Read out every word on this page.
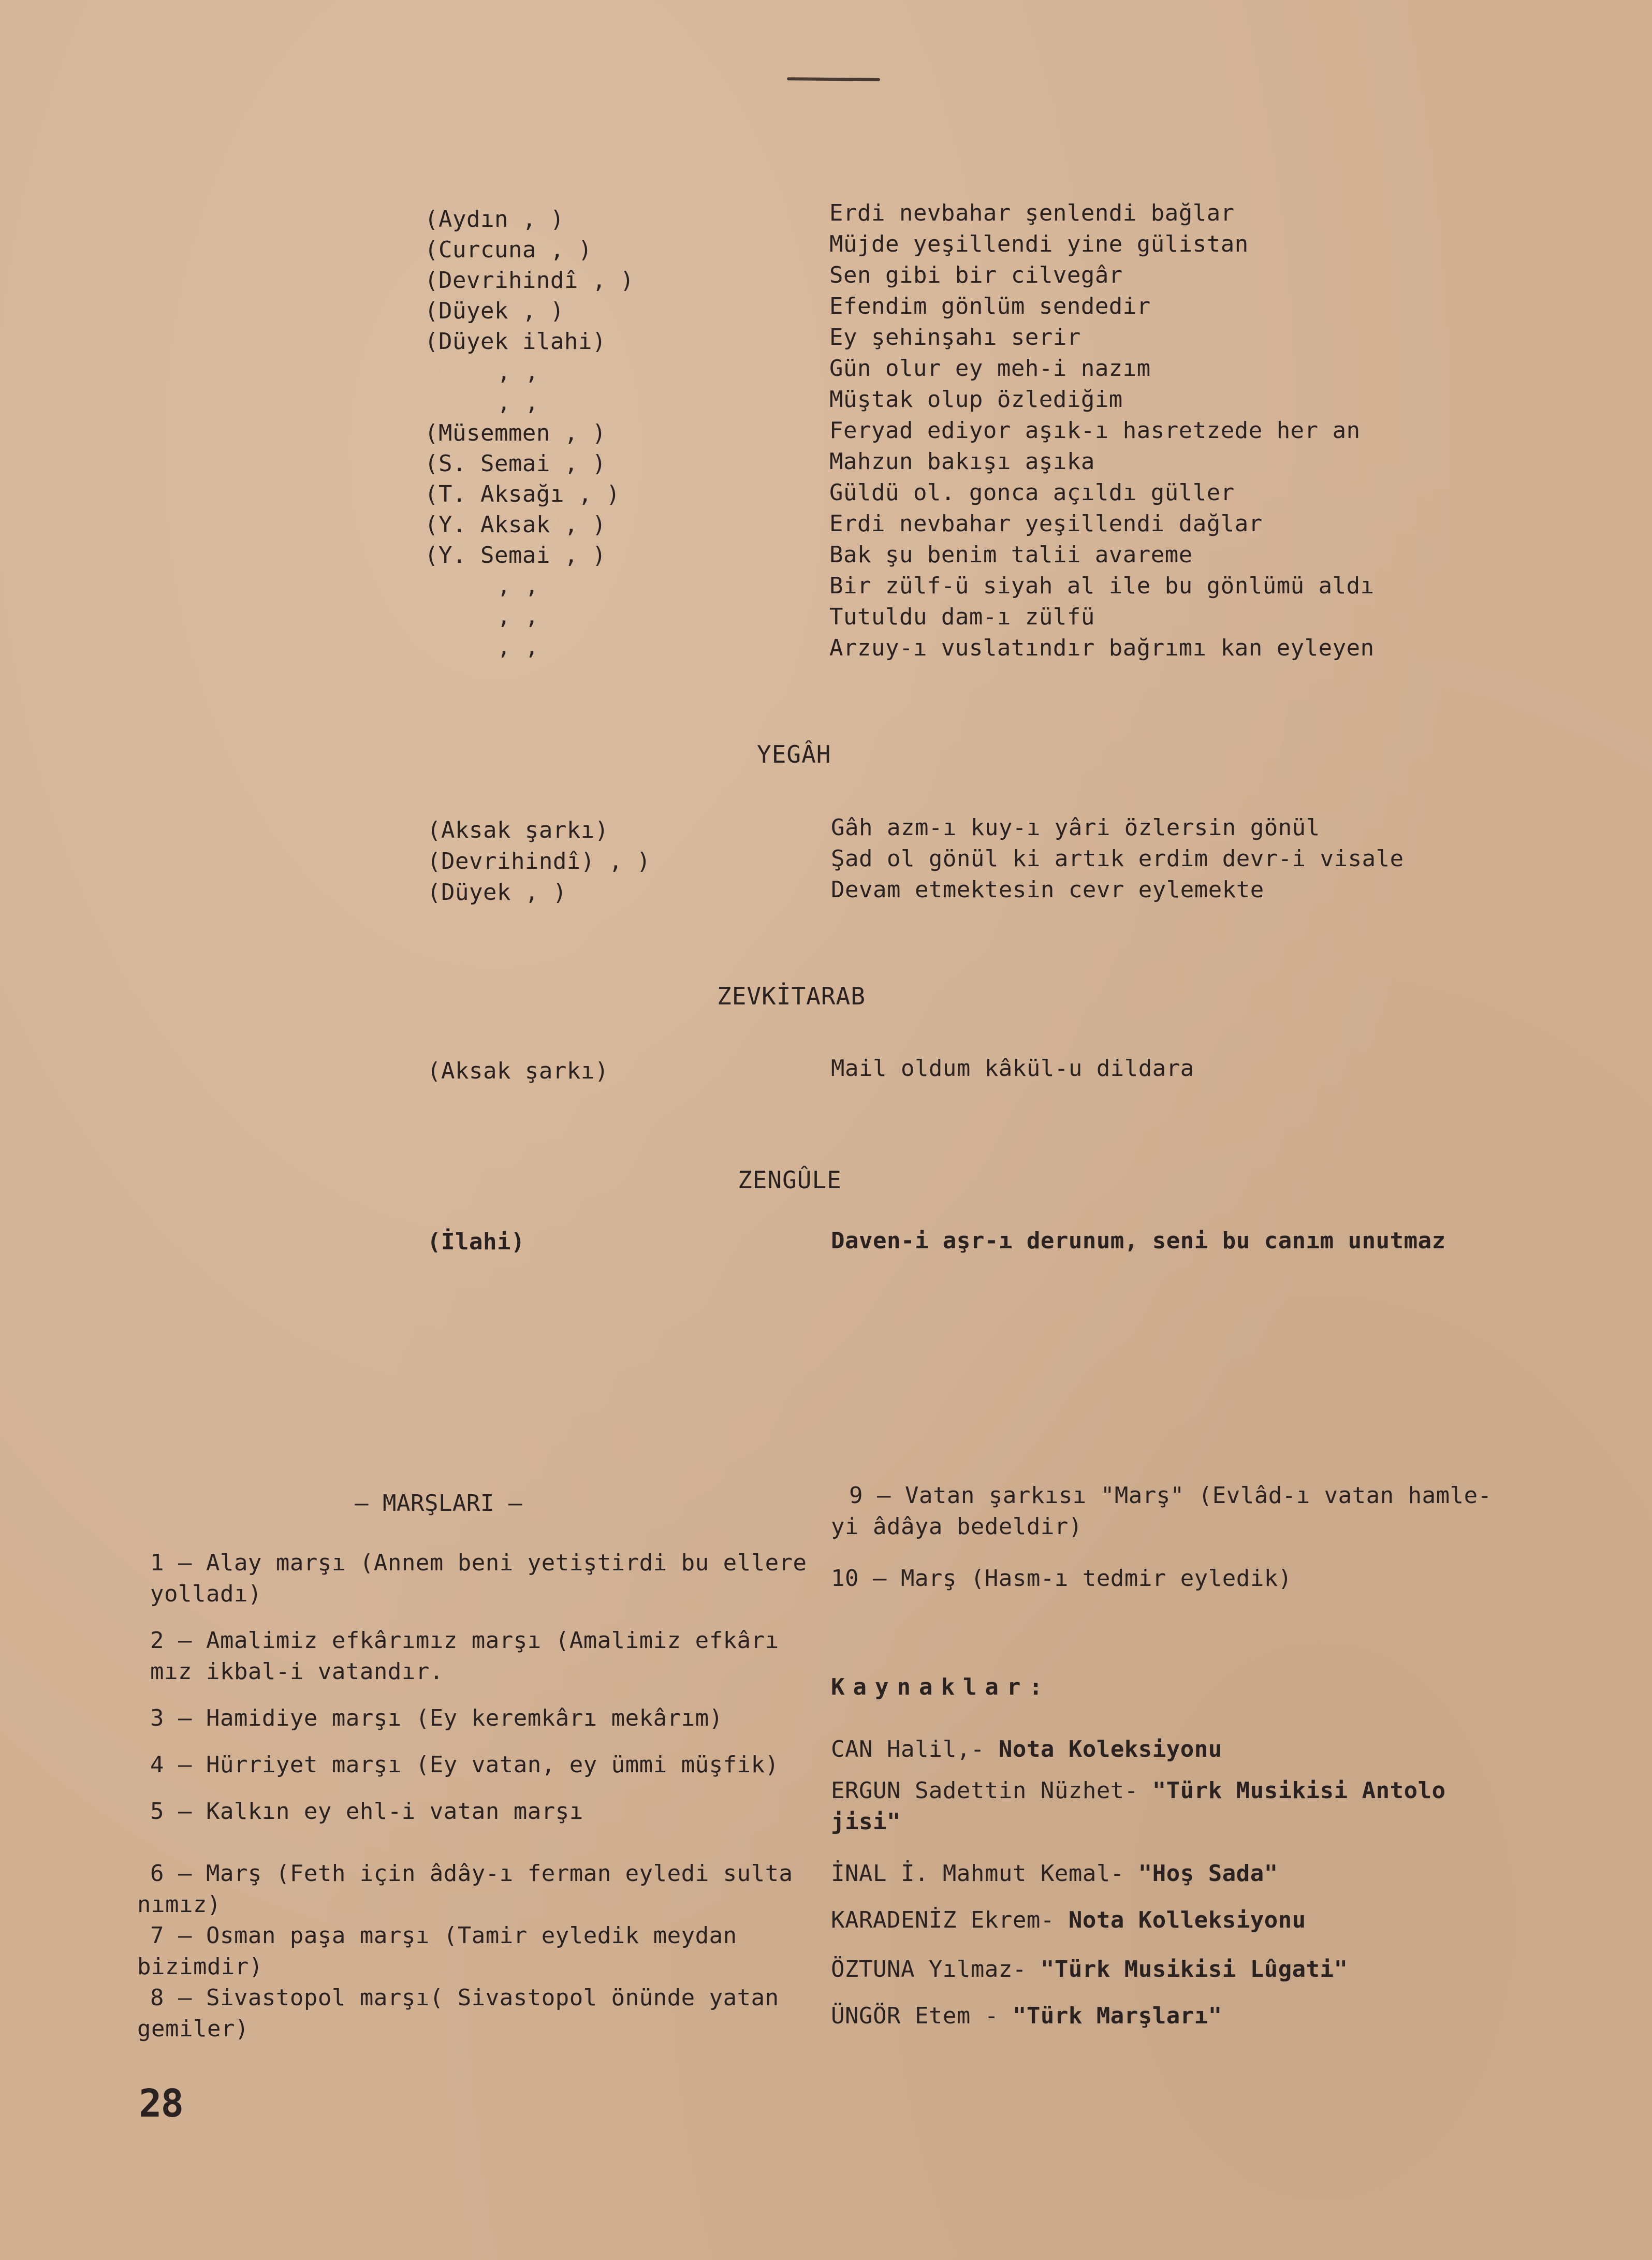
(Aydın , )	Erdi nevbahar şenlendi bağlar
(Curcuna , )	Müjde yeşillendi yine gülistan
(Devrihindî , )	Sen gibi bir cilvegâr
(Düyek , )	Efendim gönlüm sendedir
(Düyek ilahi)	Ey şehinşahı serir
, ,	Gün olur ey meh-i nazım
, ,	Müştak olup özlediğim
(Müsemmen , )	Feryad ediyor aşık-ı hasretzede her an
(S. Semai , )	Mahzun bakışı aşıka
(T. Aksağı , )	Güldü ol. gonca açıldı güller
(Y. Aksak , )	Erdi nevbahar yeşillendi dağlar
(Y. Semai , )	Bak şu benim talii avareme
, ,	Bir zülf-ü siyah al ile bu gönlümü aldı
, ,	Tutuldu dam-ı zülfü
, ,	Arzuy-ı vuslatındır bağrımı kan eyleyen
YEGÂH
(Aksak şarkı)	Gâh azm-ı kuy-ı yâri özlersin gönül
(Devrihindî) , )	Şad ol gönül ki artık erdim devr-i visale
(Düyek , )	Devam etmektesin cevr eylemekte
ZEVKİTARAB
(Aksak şarkı)	Mail oldum kâkül-u dildara
ZENGÛLE
(İlahi)	Daven-i aşr-ı derunum, seni bu canım unutmaz
— MARŞLARI —
1 — Alay marşı (Annem beni yetiştirdi bu ellere
yolladı)
2 — Amalimiz efkârımız marşı (Amalimiz efkârı
mız ikbal-i vatandır.
3 — Hamidiye marşı (Ey keremkârı mekârım)
4 — Hürriyet marşı (Ey vatan, ey ümmi müşfik)
5 — Kalkın ey ehl-i vatan marşı
6 — Marş (Feth için âdây-ı ferman eyledi sulta
nımız)
7 — Osman paşa marşı (Tamir eyledik meydan
bizimdir)
8 — Sivastopol marşı( Sivastopol önünde yatan
gemiler)
9 — Vatan şarkısı "Marş" (Evlâd-ı vatan hamle-
yi âdâya bedeldir)
10 — Marş (Hasm-ı tedmir eyledik)
Kaynaklar:
CAN Halil,- Nota Koleksiyonu
ERGUN Sadettin Nüzhet- "Türk Musikisi Antolo
jisi"
İNAL İ. Mahmut Kemal- "Hoş Sada"
KARADENİZ Ekrem- Nota Kolleksiyonu
ÖZTUNA Yılmaz- "Türk Musikisi Lûgati"
ÜNGÖR Etem - "Türk Marşları"
28
